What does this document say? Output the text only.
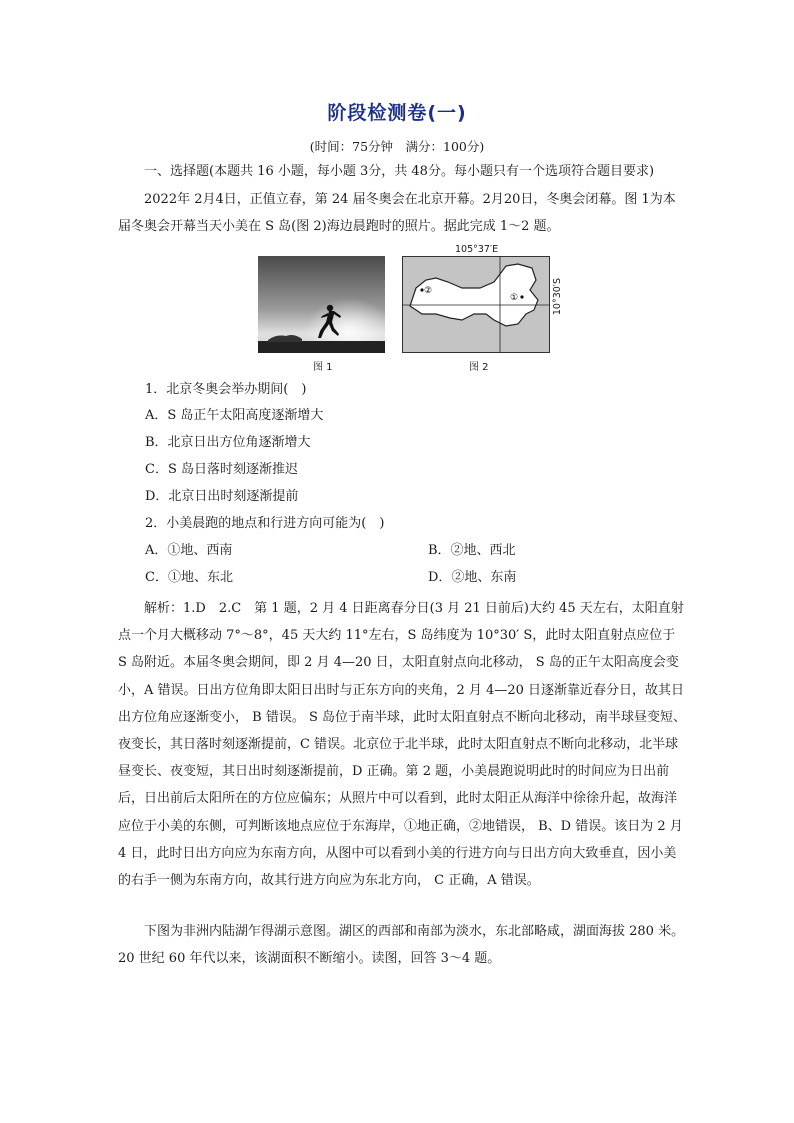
阶段检测卷(一)
(时间：75分钟　满分：100分)

一、选择题(本题共 16 小题，每小题 3分，共 48分。每小题只有一个选项符合题目要求)

2022年 2月4日，正值立春，第 24 届冬奥会在北京开幕。2月20日，冬奥会闭幕。图 1为本届冬奥会开幕当天小美在 S 岛(图 2)海边晨跑时的照片。据此完成 1～2 题。

图 1
②
①
105°37′E
10°30′S
图 2
1．北京冬奥会举办期间(　)
A．S 岛正午太阳高度逐渐增大
B．北京日出方位角逐渐增大
C．S 岛日落时刻逐渐推迟
D．北京日出时刻逐渐提前
2．小美晨跑的地点和行进方向可能为(　)
A．①地、西南	B．②地、西北
C．①地、东北	D．②地、东南

解析：1.D　2.C　第 1 题，2 月 4 日距离春分日(3 月 21 日前后)大约 45 天左右，太阳直射点一个月大概移动 7°～8°，45 天大约 11°左右，S 岛纬度为 10°30′ S，此时太阳直射点应位于 S 岛附近。本届冬奥会期间，即 2 月 4—20 日，太阳直射点向北移动， S 岛的正午太阳高度会变小，A 错误。日出方位角即太阳日出时与正东方向的夹角，2 月 4—20 日逐渐靠近春分日，故其日出方位角应逐渐变小， B 错误。 S 岛位于南半球，此时太阳直射点不断向北移动，南半球昼变短、夜变长，其日落时刻逐渐提前，C 错误。北京位于北半球，此时太阳直射点不断向北移动，北半球昼变长、夜变短，其日出时刻逐渐提前，D 正确。第 2 题，小美晨跑说明此时的时间应为日出前后，日出前后太阳所在的方位应偏东；从照片中可以看到，此时太阳正从海洋中徐徐升起，故海洋应位于小美的东侧，可判断该地点应位于东海岸，①地正确，②地错误， B、D 错误。该日为 2 月 4 日，此时日出方向应为东南方向，从图中可以看到小美的行进方向与日出方向大致垂直，因小美的右手一侧为东南方向，故其行进方向应为东北方向， C 正确，A 错误。

下图为非洲内陆湖乍得湖示意图。湖区的西部和南部为淡水，东北部略咸，湖面海拔 280 米。20 世纪 60 年代以来，该湖面积不断缩小。读图，回答 3～4 题。
